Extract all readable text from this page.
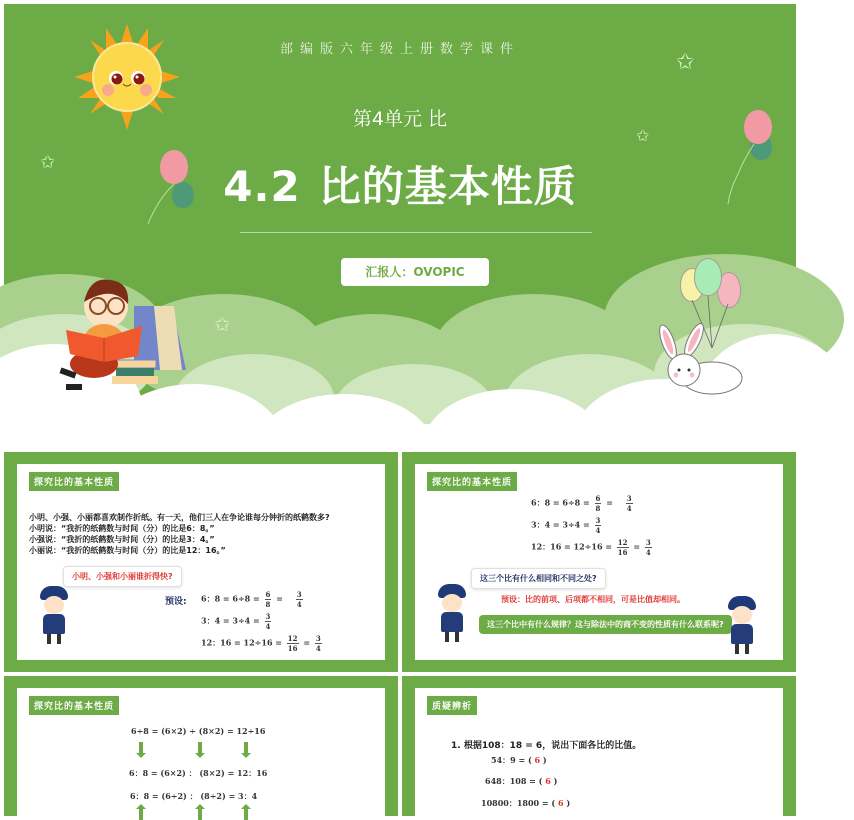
✩
✩
✩
✩
部编版六年级上册数学课件
第4单元 比
4.2 比的基本性质
汇报人：OVOPIC
探究比的基本性质
小明、小强、小丽都喜欢制作折纸。有一天，他们三人在争论谁每分钟折的纸鹤数多?
小明说：“我折的纸鹤数与时间（分）的比是6：8。”
小强说：“我折的纸鹤数与时间（分）的比是3：4。”
小丽说：“我折的纸鹤数与时间（分）的比是12：16。”
小明、小强和小丽谁折得快?
预设: 6：$8 = 6\div 8 = \frac{6}{8} = \frac{3}{4}$
3：$4 = 3\div 4 = \frac{3}{4}$
12：$16 = 12\div 16 = \frac{12}{16} = \frac{3}{4}$
探究比的基本性质
6：$8 = 6\div 8 = \frac{6}{8} = \frac{3}{4}$
3：$4 = 3\div 4 = \frac{3}{4}$
12：$16 = 12\div 16 = \frac{12}{16} = \frac{3}{4}$
这三个比有什么相同和不同之处?
预设：比的前项、后项都不相同，可是比值却相同。
这三个比中有什么规律？这与除法中的商不变的性质有什么联系呢?
探究比的基本性质
6÷8 = (6×2) ÷ (8×2) = 12÷16
6：8 = (6×2) ： (8×2) = 12：16
6：8 = (6÷2) ： (8÷2) = 3：4
质疑辨析
1. 根据108：18 = 6，说出下面各比的比值。
54：9 = ( 6 )
648：108 = ( 6 )
10800：1800 = ( 6 )
